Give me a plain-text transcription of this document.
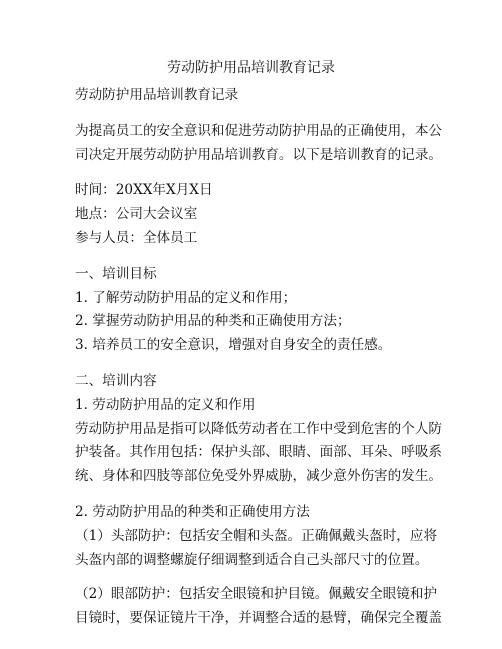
劳动防护用品培训教育记录
劳动防护用品培训教育记录
为提高员工的安全意识和促进劳动防护用品的正确使用，本公
司决定开展劳动防护用品培训教育。以下是培训教育的记录。
时间：20XX年X月X日
地点：公司大会议室
参与人员：全体员工
一、培训目标
1. 了解劳动防护用品的定义和作用；
2. 掌握劳动防护用品的种类和正确使用方法；
3. 培养员工的安全意识，增强对自身安全的责任感。
二、培训内容
1. 劳动防护用品的定义和作用
劳动防护用品是指可以降低劳动者在工作中受到危害的个人防
护装备。其作用包括：保护头部、眼睛、面部、耳朵、呼吸系
统、身体和四肢等部位免受外界威胁，减少意外伤害的发生。
2. 劳动防护用品的种类和正确使用方法
（1）头部防护：包括安全帽和头盔。正确佩戴头盔时，应将
头盔内部的调整螺旋仔细调整到适合自己头部尺寸的位置。
（2）眼部防护：包括安全眼镜和护目镜。佩戴安全眼镜和护
目镜时，要保证镜片干净，并调整合适的悬臂，确保完全覆盖
